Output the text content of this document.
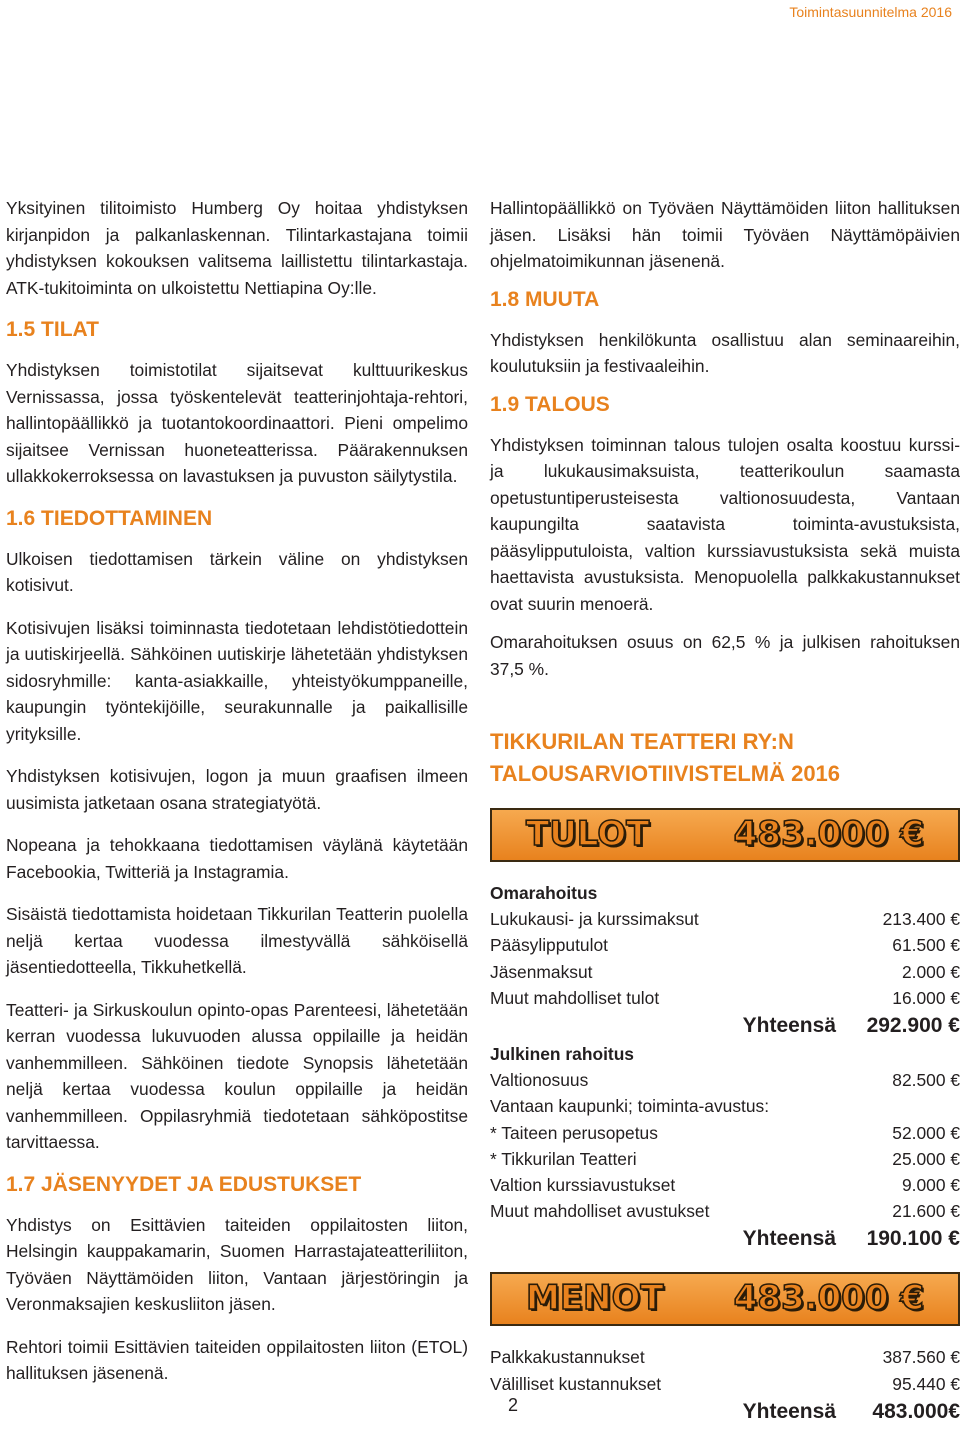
Toimintasuunnitelma 2016

Yksityinen tilitoimisto Humberg Oy hoitaa yhdistyksen kirjanpidon ja palkanlaskennan. Tilintarkastajana toimii yhdistyksen kokouksen valitsema laillistettu tilintarkastaja. ATK-tukitoiminta on ulkoistettu Nettiapina Oy:lle.

1.5 TILAT

Yhdistyksen toimistotilat sijaitsevat kulttuurikeskus Vernissassa, jossa työskentelevät teatterinjohtaja-rehtori, hallintopäällikkö ja tuotantokoordinaattori. Pieni ompelimo sijaitsee Vernissan huoneteatterissa. Päärakennuksen ullakkokerroksessa on lavastuksen ja puvuston säilytystila.

1.6 TIEDOTTAMINEN

Ulkoisen tiedottamisen tärkein väline on yhdistyksen kotisivut.

Kotisivujen lisäksi toiminnasta tiedotetaan lehdistötiedottein ja uutiskirjeellä. Sähköinen uutiskirje lähetetään yhdistyksen sidosryhmille: kanta-asiakkaille, yhteistyökumppaneille, kaupungin työntekijöille, seurakunnalle ja paikallisille yrityksille.

Yhdistyksen kotisivujen, logon ja muun graafisen ilmeen uusimista jatketaan osana strategiatyötä.

Nopeana ja tehokkaana tiedottamisen väylänä käytetään Facebookia, Twitteriä ja Instagramia.

Sisäistä tiedottamista hoidetaan Tikkurilan Teatterin puolella neljä kertaa vuodessa ilmestyvällä sähköisellä jäsentiedotteella, Tikkuhetkellä.

Teatteri- ja Sirkuskoulun opinto-opas Parenteesi, lähetetään kerran vuodessa lukuvuoden alussa oppilaille ja heidän vanhemmilleen. Sähköinen tiedote Synopsis lähetetään neljä kertaa vuodessa koulun oppilaille ja heidän vanhemmilleen. Oppilasryhmiä tiedotetaan sähköpostitse tarvittaessa.

1.7 JÄSENYYDET JA EDUSTUKSET

Yhdistys on Esittävien taiteiden oppilaitosten liiton, Helsingin kauppakamarin, Suomen Harrastajateatteriliiton, Työväen Näyttämöiden liiton, Vantaan järjestöringin ja Veronmaksajien keskusliiton jäsen.

Rehtori toimii Esittävien taiteiden oppilaitosten liiton (ETOL) hallituksen jäsenenä.

Hallintopäällikkö on Työväen Näyttämöiden liiton hallituksen jäsen. Lisäksi hän toimii Työväen Näyttämöpäivien ohjelmatoimikunnan jäsenenä.

1.8 MUUTA

Yhdistyksen henkilökunta osallistuu alan seminaareihin, koulutuksiin ja festivaaleihin.

1.9 TALOUS

Yhdistyksen toiminnan talous tulojen osalta koostuu kurssi- ja lukukausimaksuista, teatterikoulun saamasta opetustuntiperusteisesta valtionosuudesta, Vantaan kaupungilta saatavista toiminta-avustuksista, pääsylipputuloista, valtion kurssiavustuksista sekä muista haettavista avustuksista. Menopuolella palkkakustannukset ovat suurin menoerä.

Omarahoituksen osuus on 62,5 % ja julkisen rahoituksen 37,5 %.

TIKKURILAN TEATTERI RY:N TALOUSARVIOTIIVISTELMÄ 2016
TULOT 483.000 €
Omarahoitus
Lukukausi- ja kurssimaksut	213.400 €
Pääsylipputulot	61.500 €
Jäsenmaksut	2.000 €
Muut mahdolliset tulot	16.000 €
Yhteensä	292.900 €
Julkinen rahoitus
Valtionosuus	82.500 €
Vantaan kaupunki; toiminta-avustus:
* Taiteen perusopetus	52.000 €
* Tikkurilan Teatteri	25.000 €
Valtion kurssiavustukset	9.000 €
Muut mahdolliset avustukset	21.600 €
Yhteensä	190.100 €
MENOT 483.000 €
Palkkakustannukset	387.560 €
Välilliset kustannukset	95.440 €
Yhteensä	483.000€
2
